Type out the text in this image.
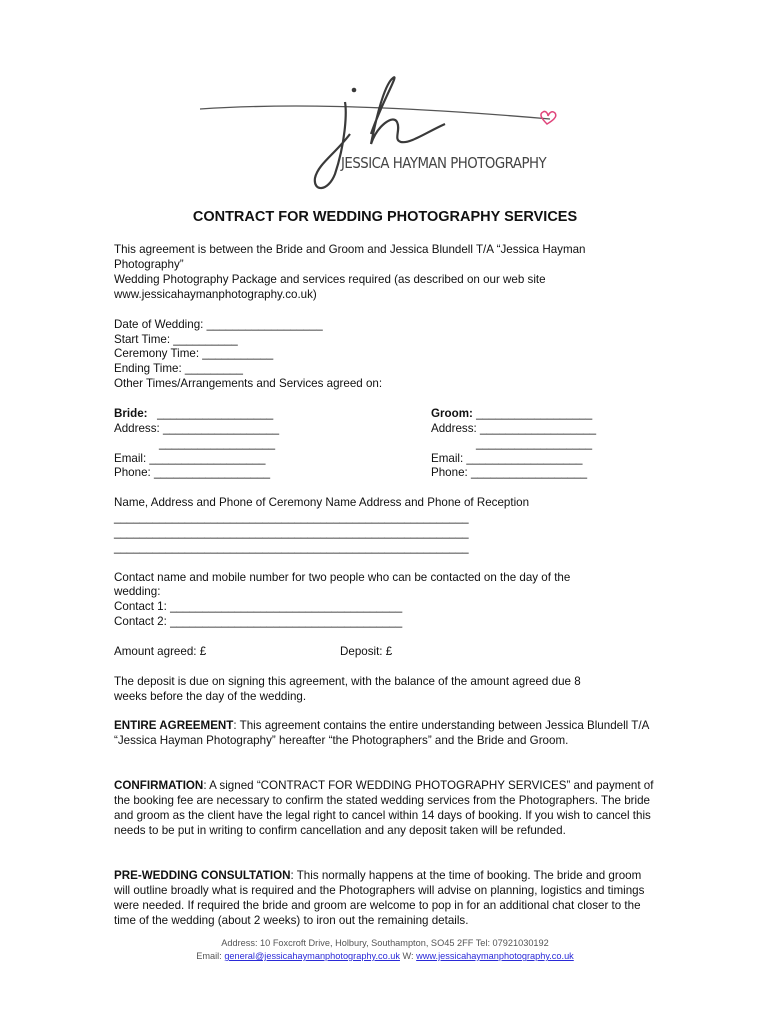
JESSICA HAYMAN PHOTOGRAPHY
CONTRACT FOR WEDDING PHOTOGRAPHY SERVICES
This agreement is between the Bride and Groom and Jessica Blundell T/A “Jessica Hayman
Photography”
Wedding Photography Package and services required (as described on our web site
www.jessicahaymanphotography.co.uk)
Date of Wedding: __________________
Start Time: __________
Ceremony Time: ___________
Ending Time: _________
Other Times/Arrangements and Services agreed on:
Bride: __________________
Address: __________________
__________________
Email: __________________
Phone: __________________
Groom: __________________
Address: __________________
__________________
Email: __________________
Phone: __________________
Name, Address and Phone of Ceremony Name Address and Phone of Reception
_______________________________________________________
_______________________________________________________
_______________________________________________________
Contact name and mobile number for two people who can be contacted on the day of the
wedding:
Contact 1: ____________________________________
Contact 2: ____________________________________
Amount agreed: £	Deposit: £
The deposit is due on signing this agreement, with the balance of the amount agreed due 8
weeks before the day of the wedding.
ENTIRE AGREEMENT: This agreement contains the entire understanding between Jessica Blundell T/A “Jessica Hayman Photography” hereafter “the Photographers” and the Bride and Groom.
CONFIRMATION: A signed “CONTRACT FOR WEDDING PHOTOGRAPHY SERVICES” and payment of the booking fee are necessary to confirm the stated wedding services from the Photographers. The bride and groom as the client have the legal right to cancel within 14 days of booking. If you wish to cancel this needs to be put in writing to confirm cancellation and any deposit taken will be refunded.
PRE-WEDDING CONSULTATION: This normally happens at the time of booking. The bride and groom will outline broadly what is required and the Photographers will advise on planning, logistics and timings were needed. If required the bride and groom are welcome to pop in for an additional chat closer to the time of the wedding (about 2 weeks) to iron out the remaining details.
Address: 10 Foxcroft Drive, Holbury, Southampton, SO45 2FF Tel: 07921030192
Email: general@jessicahaymanphotography.co.uk W: www.jessicahaymanphotography.co.uk
